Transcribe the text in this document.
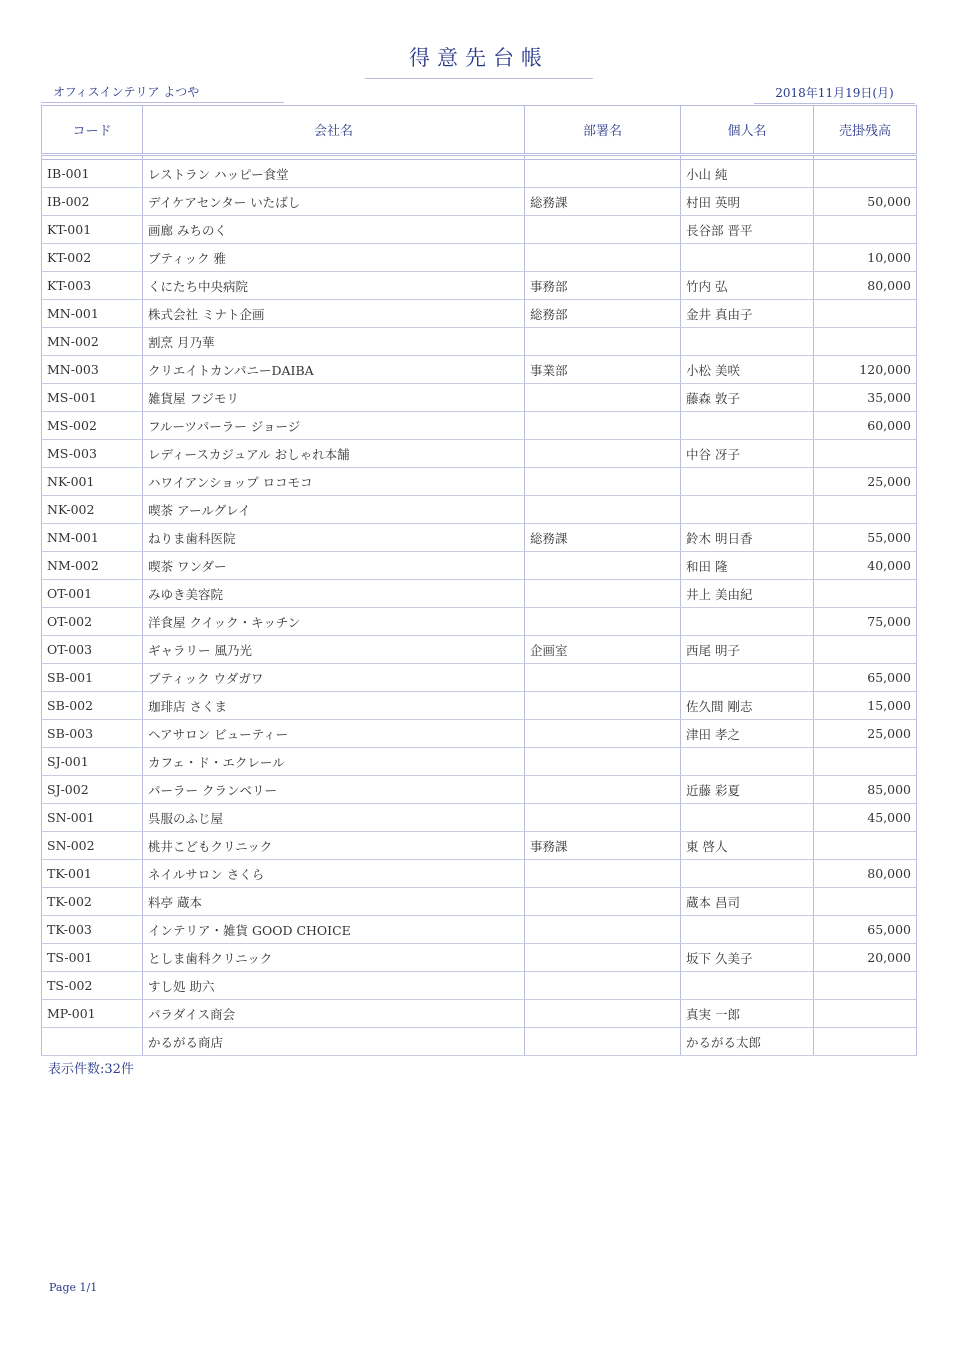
得意先台帳
オフィスインテリア よつや	2018年11月19日(月)
コード	会社名	部署名	個人名	売掛残高

IB-001	レストラン ハッピー食堂		小山 純	
IB-002	デイケアセンター いたばし	総務課	村田 英明	50,000
KT-001	画廊 みちのく		長谷部 晋平	
KT-002	ブティック 雅			10,000
KT-003	くにたち中央病院	事務部	竹内 弘	80,000
MN-001	株式会社 ミナト企画	総務部	金井 真由子	
MN-002	割烹 月乃華			
MN-003	クリエイトカンパニーDAIBA	事業部	小松 美咲	120,000
MS-001	雑貨屋 フジモリ		藤森 敦子	35,000
MS-002	フルーツパーラー ジョージ			60,000
MS-003	レディースカジュアル おしゃれ本舗		中谷 冴子	
NK-001	ハワイアンショップ ロコモコ			25,000
NK-002	喫茶 アールグレイ			
NM-001	ねりま歯科医院	総務課	鈴木 明日香	55,000
NM-002	喫茶 ワンダー		和田 隆	40,000
OT-001	みゆき美容院		井上 美由紀	
OT-002	洋食屋 クイック・キッチン			75,000
OT-003	ギャラリー 風乃光	企画室	西尾 明子	
SB-001	ブティック ウダガワ			65,000
SB-002	珈琲店 さくま		佐久間 剛志	15,000
SB-003	ヘアサロン ビューティー		津田 孝之	25,000
SJ-001	カフェ・ド・エクレール			
SJ-002	パーラー クランベリー		近藤 彩夏	85,000
SN-001	呉服のふじ屋			45,000
SN-002	桃井こどもクリニック	事務課	東 啓人	
TK-001	ネイルサロン さくら			80,000
TK-002	料亭 蔵本		蔵本 昌司	
TK-003	インテリア・雑貨 GOOD CHOICE			65,000
TS-001	としま歯科クリニック		坂下 久美子	20,000
TS-002	すし処 助六			
MP-001	パラダイス商会		真実 一郎	
	かるがる商店		かるがる太郎	
表示件数:32件
Page 1/1
